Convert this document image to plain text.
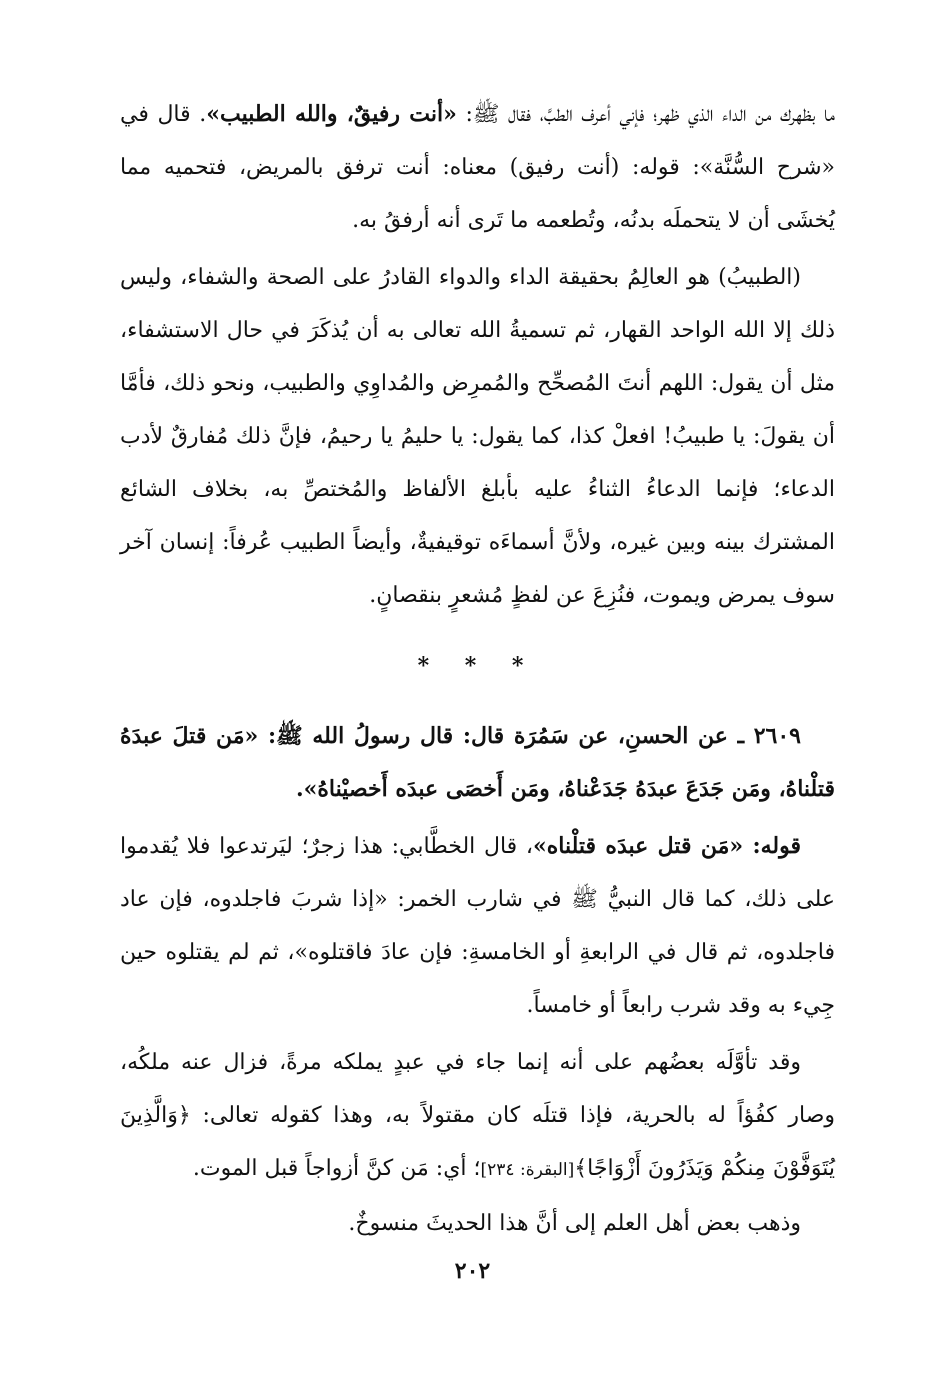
ما بظهرك من الداء الذي ظهر؛ فإني أعرف الطبَّ، فقال ﷺ: «أنت رفيقٌ، والله الطبيب». قال في «شرح السُّنَّة»: قوله: (أنت رفيق) معناه: أنت ترفق بالمريض، فتحميه مما يُخشَى أن لا يتحملَه بدنُه، وتُطعمه ما تَرى أنه أرفقُ به.

(الطبيبُ) هو العالِمُ بحقيقة الداء والدواء القادرُ على الصحة والشفاء، وليس ذلك إلا الله الواحد القهار، ثم تسميةُ الله تعالى به أن يُذكَرَ في حال الاستشفاء، مثل أن يقول: اللهم أنتَ المُصحِّح والمُمرِض والمُداوِي والطبيب، ونحو ذلك، فأمَّا أن يقولَ: يا طبيبُ! افعلْ كذا، كما يقول: يا حليمُ يا رحيمُ، فإنَّ ذلك مُفارقٌ لأدب الدعاء؛ فإنما الدعاءُ الثناءُ عليه بأبلغ الألفاظ والمُختصِّ به، بخلاف الشائع المشترك بينه وبين غيره، ولأنَّ أسماءَه توقيفيةٌ، وأيضاً الطبيب عُرفاً: إنسان آخر سوف يمرض ويموت، فنُزِعَ عن لفظٍ مُشعرٍ بنقصانٍ.

* * *

٢٦٠٩ ـ عن الحسنِ، عن سَمُرَة قال: قال رسولُ الله ﷺ: «مَن قتلَ عبدَهُ قتلْناهُ، ومَن جَدَعَ عبدَهُ جَدَعْناهُ، ومَن أَخصَى عبدَه أَخصيْناهُ».

قوله: «مَن قتل عبدَه قتلْناه»، قال الخطَّابي: هذا زجرٌ؛ ليَرتدعوا فلا يُقدموا على ذلك، كما قال النبيُّ ﷺ في شارب الخمر: «إذا شربَ فاجلدوه، فإن عاد فاجلدوه، ثم قال في الرابعةِ أو الخامسةِ: فإن عادَ فاقتلوه»، ثم لم يقتلوه حين جِيء به وقد شرب رابعاً أو خامساً.

وقد تأوَّلَه بعضُهم على أنه إنما جاء في عبدٍ يملكه مرةً، فزال عنه ملكُه، وصار كفُؤاً له بالحرية، فإذا قتلَه كان مقتولاً به، وهذا كقوله تعالى: ﴿وَالَّذِينَ يُتَوَفَّوْنَ مِنكُمْ وَيَذَرُونَ أَزْوَاجًا﴾[البقرة: ٢٣٤]؛ أي: مَن كنَّ أزواجاً قبل الموت.

وذهب بعض أهل العلم إلى أنَّ هذا الحديثَ منسوخٌ.

٢٠٢
